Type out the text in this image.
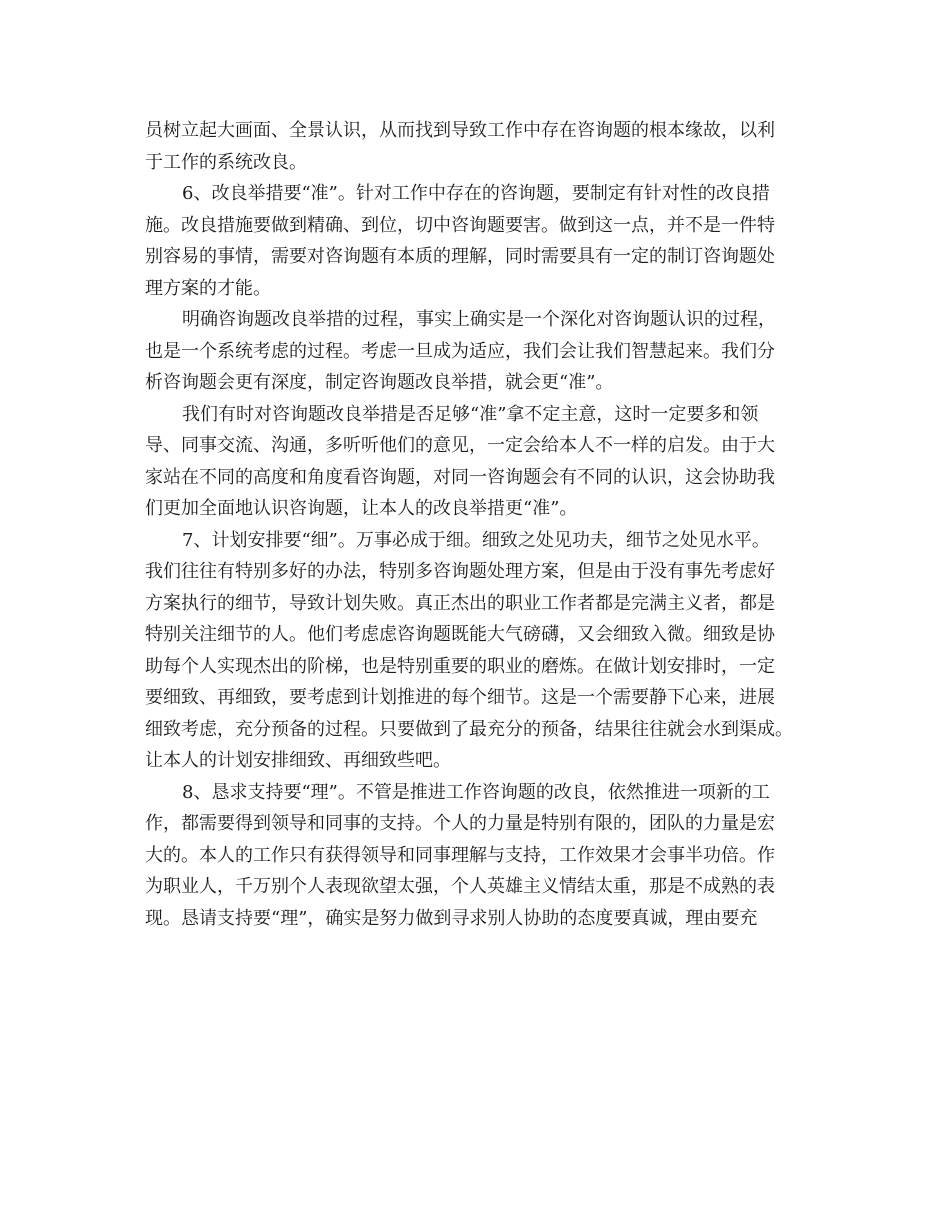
员树立起大画面、全景认识，从而找到导致工作中存在咨询题的根本缘故，以利
于工作的系统改良。
6、改良举措要“准”。针对工作中存在的咨询题，要制定有针对性的改良措
施。改良措施要做到精确、到位，切中咨询题要害。做到这一点，并不是一件特
别容易的事情，需要对咨询题有本质的理解，同时需要具有一定的制订咨询题处
理方案的才能。
明确咨询题改良举措的过程，事实上确实是一个深化对咨询题认识的过程，
也是一个系统考虑的过程。考虑一旦成为适应，我们会让我们智慧起来。我们分
析咨询题会更有深度，制定咨询题改良举措，就会更“准”。
我们有时对咨询题改良举措是否足够“准”拿不定主意，这时一定要多和领
导、同事交流、沟通，多听听他们的意见，一定会给本人不一样的启发。由于大
家站在不同的高度和角度看咨询题，对同一咨询题会有不同的认识，这会协助我
们更加全面地认识咨询题，让本人的改良举措更“准”。
7、计划安排要“细”。万事必成于细。细致之处见功夫，细节之处见水平。
我们往往有特别多好的办法，特别多咨询题处理方案，但是由于没有事先考虑好
方案执行的细节，导致计划失败。真正杰出的职业工作者都是完满主义者，都是
特别关注细节的人。他们考虑虑咨询题既能大气磅礴，又会细致入微。细致是协
助每个人实现杰出的阶梯，也是特别重要的职业的磨炼。在做计划安排时，一定
要细致、再细致，要考虑到计划推进的每个细节。这是一个需要静下心来，进展
细致考虑，充分预备的过程。只要做到了最充分的预备，结果往往就会水到渠成。
让本人的计划安排细致、再细致些吧。
8、恳求支持要“理”。不管是推进工作咨询题的改良，依然推进一项新的工
作，都需要得到领导和同事的支持。个人的力量是特别有限的，团队的力量是宏
大的。本人的工作只有获得领导和同事理解与支持，工作效果才会事半功倍。作
为职业人，千万别个人表现欲望太强，个人英雄主义情结太重，那是不成熟的表
现。恳请支持要“理”，确实是努力做到寻求别人协助的态度要真诚，理由要充
